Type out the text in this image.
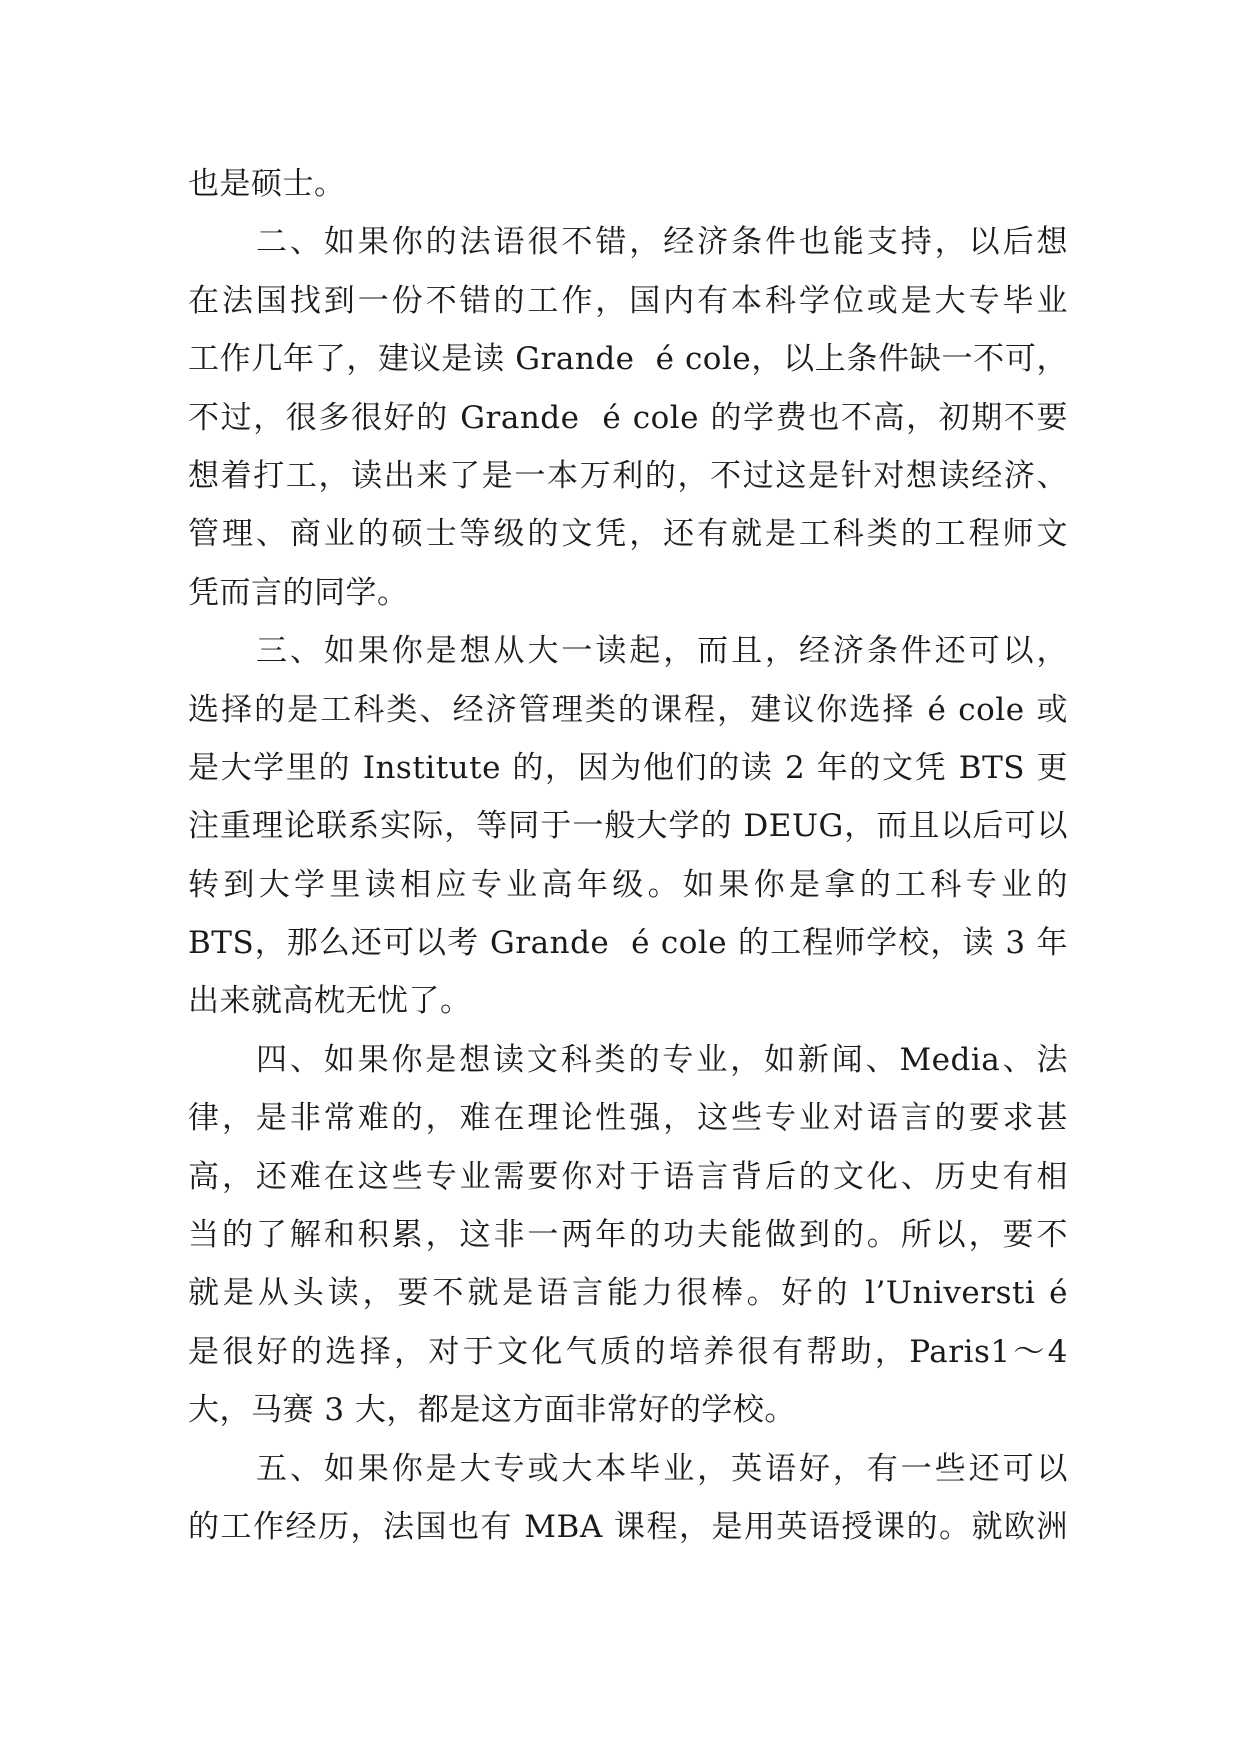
也是硕士。
二、如果你的法语很不错，经济条件也能支持，以后想
在法国找到一份不错的工作，国内有本科学位或是大专毕业
工作几年了，建议是读 Grande  é cole，以上条件缺一不可，
不过，很多很好的 Grande  é cole 的学费也不高，初期不要
想着打工，读出来了是一本万利的，不过这是针对想读经济、
管理、商业的硕士等级的文凭，还有就是工科类的工程师文
凭而言的同学。
三、如果你是想从大一读起，而且，经济条件还可以，
选择的是工科类、经济管理类的课程，建议你选择 é cole 或
是大学里的 Institute 的，因为他们的读 2 年的文凭 BTS 更
注重理论联系实际，等同于一般大学的 DEUG，而且以后可以
转到大学里读相应专业高年级。如果你是拿的工科专业的
BTS，那么还可以考 Grande  é cole 的工程师学校，读 3 年
出来就高枕无忧了。
四、如果你是想读文科类的专业，如新闻、Media、法
律，是非常难的，难在理论性强，这些专业对语言的要求甚
高，还难在这些专业需要你对于语言背后的文化、历史有相
当的了解和积累，这非一两年的功夫能做到的。所以，要不
就是从头读，要不就是语言能力很棒。好的 l’Universti é
是很好的选择，对于文化气质的培养很有帮助，Paris1～4
大，马赛 3 大，都是这方面非常好的学校。
五、如果你是大专或大本毕业，英语好，有一些还可以
的工作经历，法国也有 MBA 课程，是用英语授课的。就欧洲
